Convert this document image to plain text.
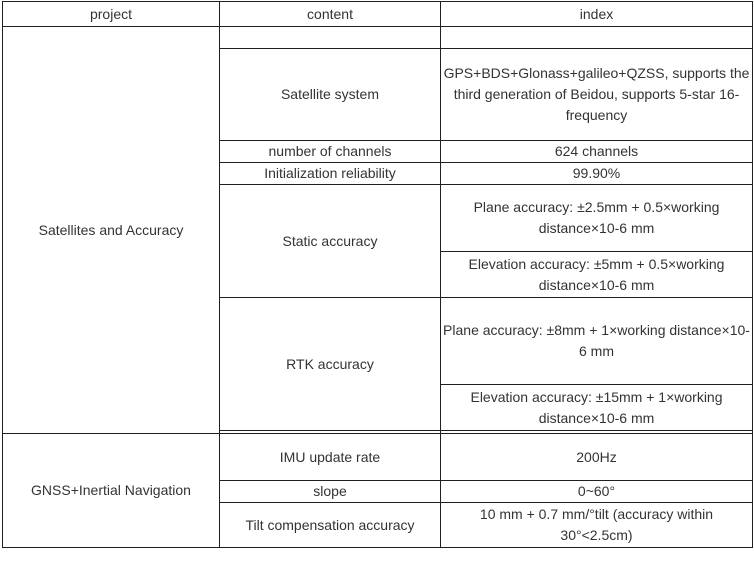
project	content	index
Satellites and Accuracy		
	Satellite system	GPS+BDS+Glonass+galileo+QZSS, supports the third generation of Beidou, supports 5-star 16-frequency
	number of channels	624 channels
	Initialization reliability	99.90%
	Static accuracy	Plane accuracy: ±2.5mm + 0.5×working distance×10-6 mm
		Elevation accuracy: ±5mm + 0.5×working distance×10-6 mm
	RTK accuracy	Plane accuracy: ±8mm + 1×working distance×10-6 mm
		Elevation accuracy: ±15mm + 1×working distance×10-6 mm

GNSS+Inertial Navigation	IMU update rate	200Hz
	slope	0~60°
	Tilt compensation accuracy	10 mm + 0.7 mm/°tilt (accuracy within 30°<2.5cm)
